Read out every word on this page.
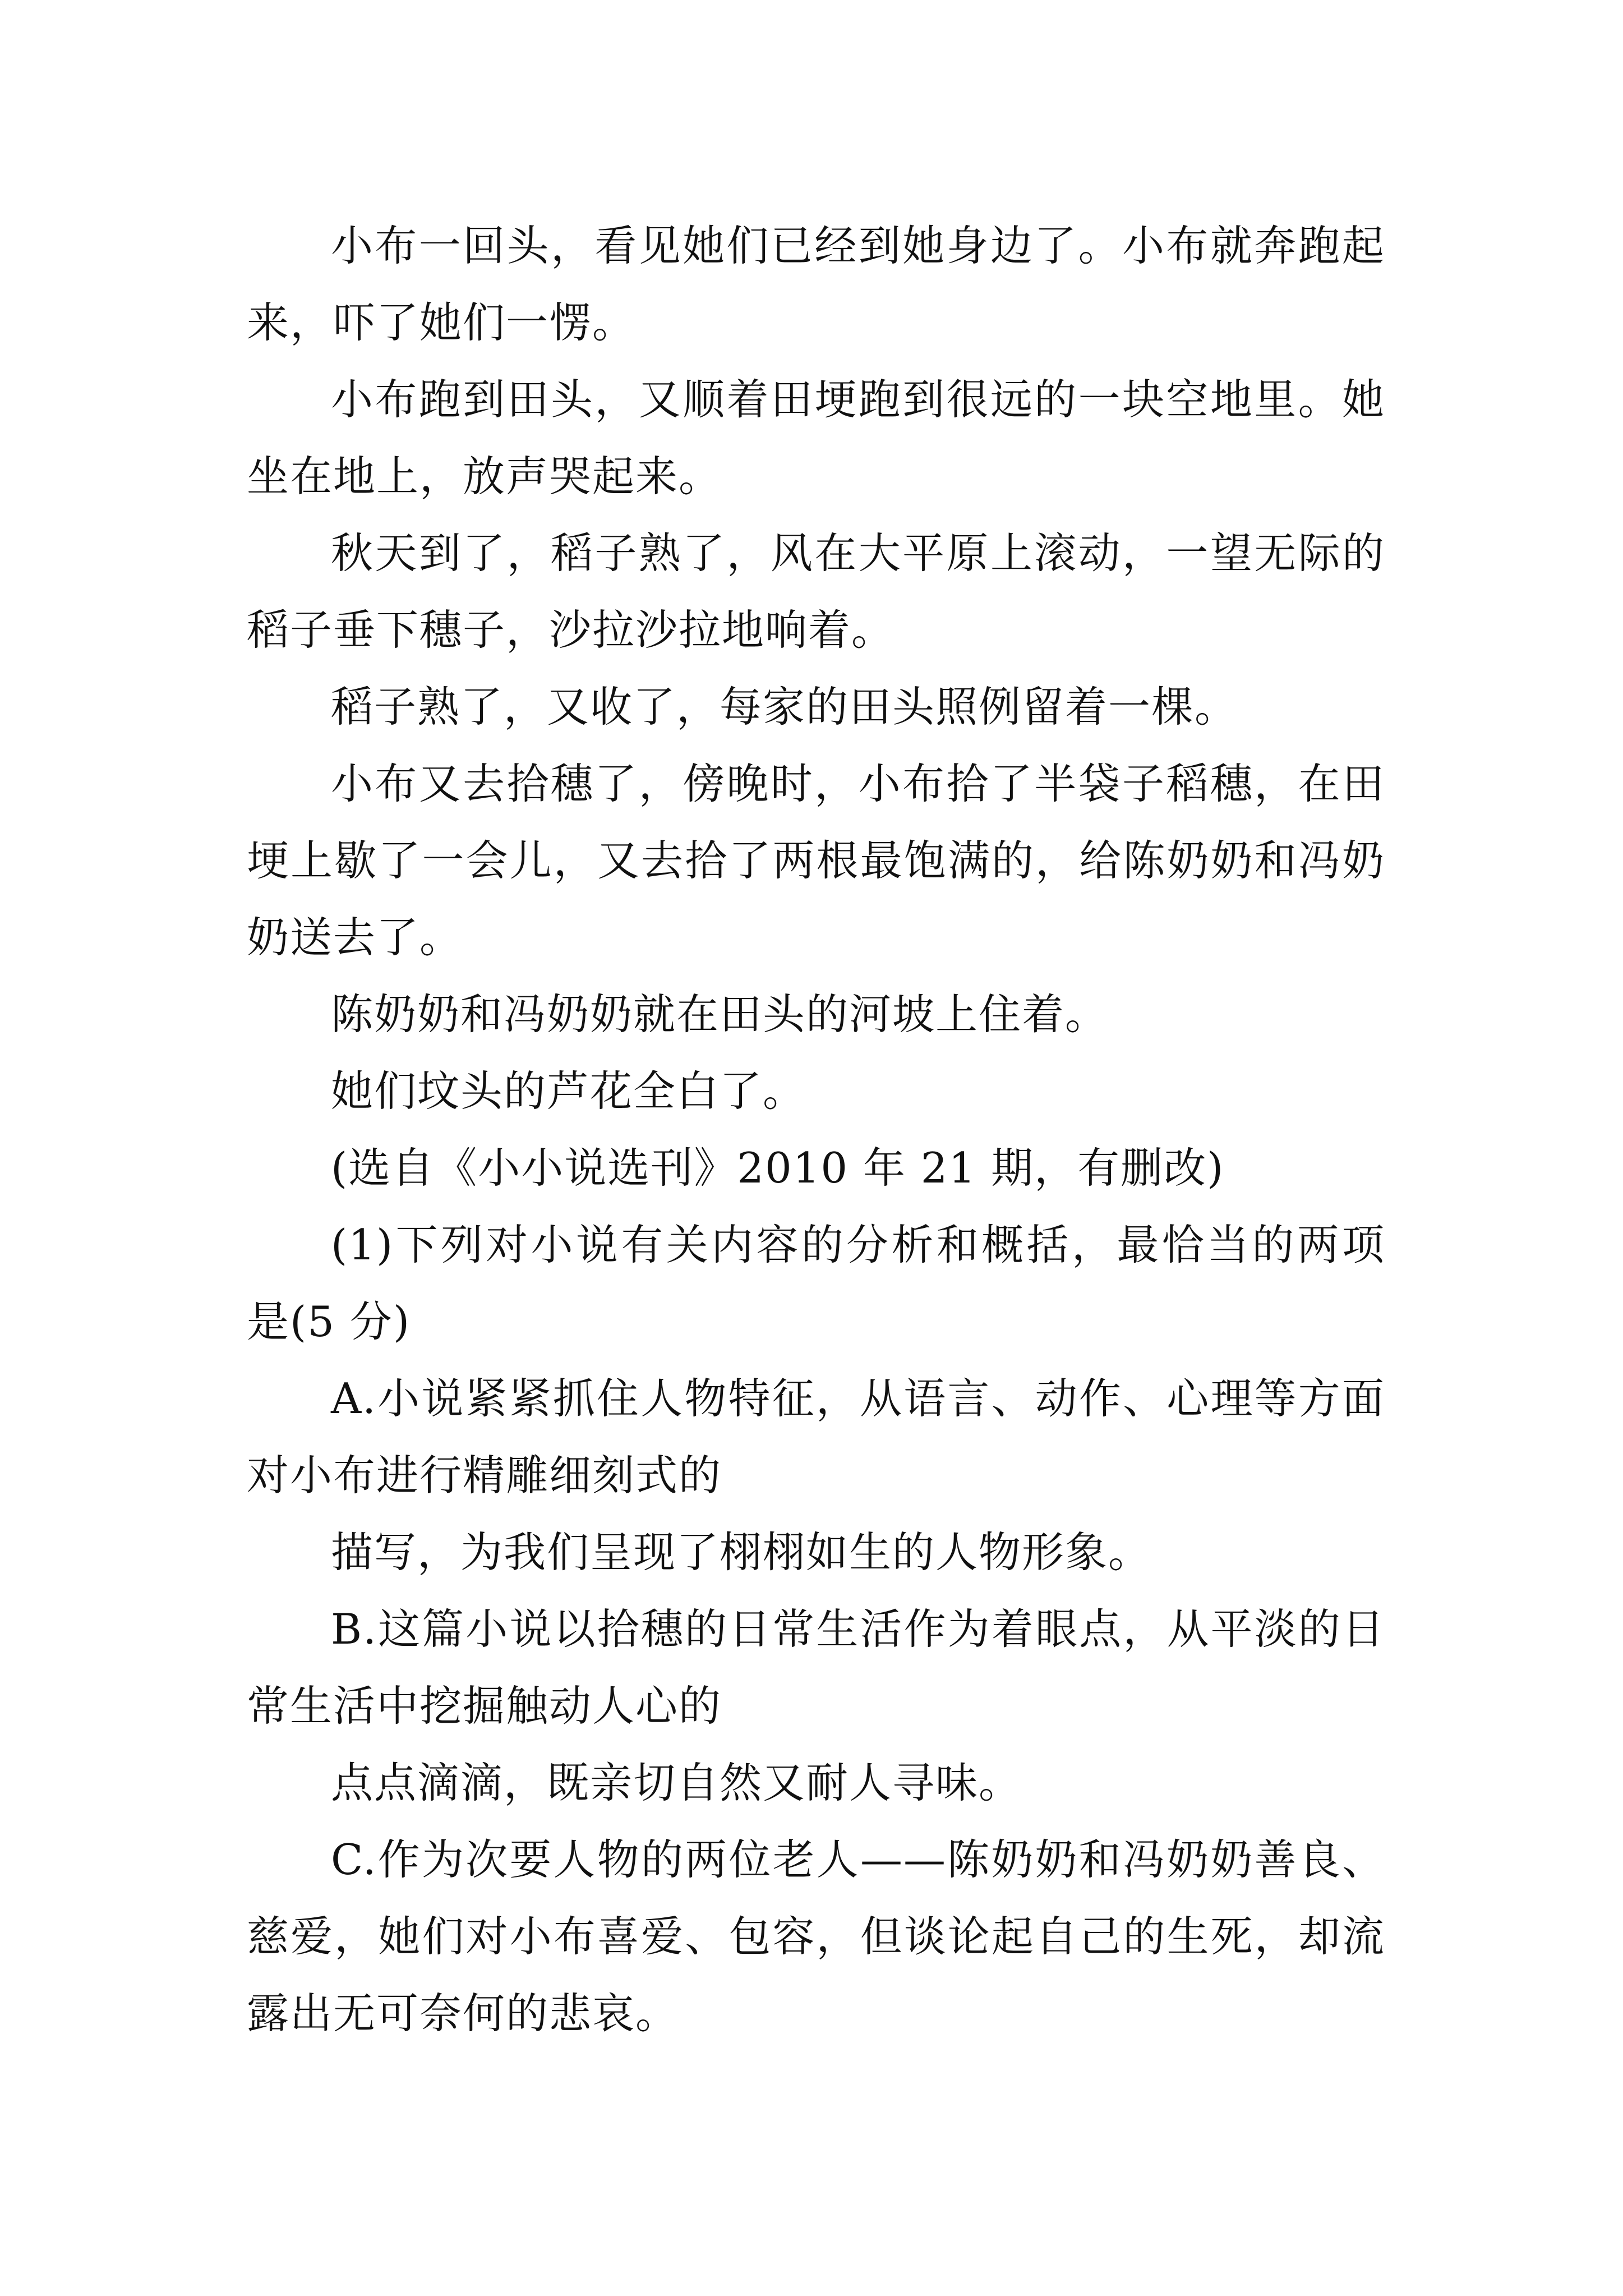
小布一回头，看见她们已经到她身边了。小布就奔跑起来，吓了她们一愣。

小布跑到田头，又顺着田埂跑到很远的一块空地里。她坐在地上，放声哭起来。

秋天到了，稻子熟了，风在大平原上滚动，一望无际的稻子垂下穗子，沙拉沙拉地响着。

稻子熟了，又收了，每家的田头照例留着一棵。

小布又去拾穗了，傍晚时，小布拾了半袋子稻穗，在田埂上歇了一会儿，又去拾了两根最饱满的，给陈奶奶和冯奶奶送去了。

陈奶奶和冯奶奶就在田头的河坡上住着。

她们坟头的芦花全白了。

(选自《小小说选刊》2010 年 21 期，有删改)

(1)下列对小说有关内容的分析和概括，最恰当的两项是(5 分)

A.小说紧紧抓住人物特征，从语言、动作、心理等方面对小布进行精雕细刻式的

描写，为我们呈现了栩栩如生的人物形象。

B.这篇小说以拾穗的日常生活作为着眼点，从平淡的日常生活中挖掘触动人心的

点点滴滴，既亲切自然又耐人寻味。

C.作为次要人物的两位老人——陈奶奶和冯奶奶善良、慈爱，她们对小布喜爱、包容，但谈论起自己的生死，却流露出无可奈何的悲哀。
